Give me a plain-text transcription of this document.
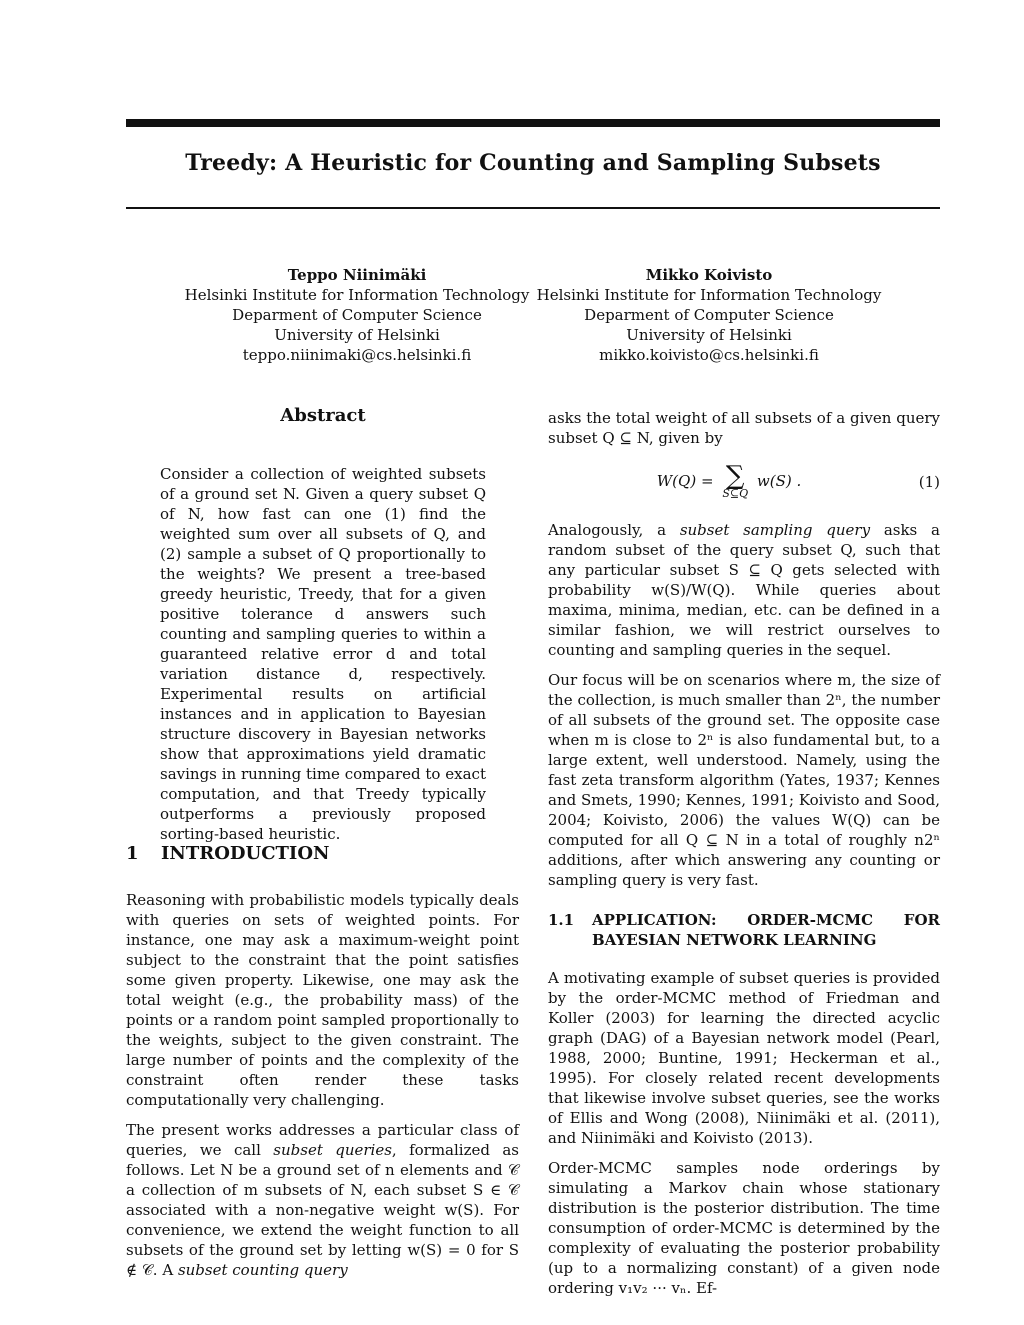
Treedy: A Heuristic for Counting and Sampling Subsets
Teppo Niinimäki
Helsinki Institute for Information Technology
Deparment of Computer Science
University of Helsinki
teppo.niinimaki@cs.helsinki.fi
Mikko Koivisto
Helsinki Institute for Information Technology
Deparment of Computer Science
University of Helsinki
mikko.koivisto@cs.helsinki.fi
Abstract

Consider a collection of weighted subsets of a ground set N. Given a query subset Q of N, how fast can one (1) find the weighted sum over all subsets of Q, and (2) sample a subset of Q proportionally to the weights? We present a tree-based greedy heuristic, Treedy, that for a given positive tolerance d answers such counting and sampling queries to within a guaranteed relative error d and total variation distance d, respectively. Experimental results on artificial instances and in application to Bayesian structure discovery in Bayesian networks show that approximations yield dramatic savings in running time compared to exact computation, and that Treedy typically outperforms a previously proposed sorting-based heuristic.

1 INTRODUCTION

Reasoning with probabilistic models typically deals with queries on sets of weighted points. For instance, one may ask a maximum-weight point subject to the constraint that the point satisfies some given property. Likewise, one may ask the total weight (e.g., the probability mass) of the points or a random point sampled proportionally to the weights, subject to the given constraint. The large number of points and the complexity of the constraint often render these tasks computationally very challenging.

The present works addresses a particular class of queries, we call subset queries, formalized as follows. Let N be a ground set of n elements and 𝒞 a collection of m subsets of N, each subset S ∈ 𝒞 associated with a non-negative weight w(S). For convenience, we extend the weight function to all subsets of the ground set by letting w(S) = 0 for S ∉ 𝒞. A subset counting query

asks the total weight of all subsets of a given query subset Q ⊆ N, given by

W(Q) = ∑
S⊆Q
w(S) .	(1)

Analogously, a subset sampling query asks a random subset of the query subset Q, such that any particular subset S ⊆ Q gets selected with probability w(S)/W(Q). While queries about maxima, minima, median, etc. can be defined in a similar fashion, we will restrict ourselves to counting and sampling queries in the sequel.

Our focus will be on scenarios where m, the size of the collection, is much smaller than 2ⁿ, the number of all subsets of the ground set. The opposite case when m is close to 2ⁿ is also fundamental but, to a large extent, well understood. Namely, using the fast zeta transform algorithm (Yates, 1937; Kennes and Smets, 1990; Kennes, 1991; Koivisto and Sood, 2004; Koivisto, 2006) the values W(Q) can be computed for all Q ⊆ N in a total of roughly n2ⁿ additions, after which answering any counting or sampling query is very fast.

1.1	APPLICATION: ORDER-MCMC FOR BAYESIAN NETWORK LEARNING

A motivating example of subset queries is provided by the order-MCMC method of Friedman and Koller (2003) for learning the directed acyclic graph (DAG) of a Bayesian network model (Pearl, 1988, 2000; Buntine, 1991; Heckerman et al., 1995). For closely related recent developments that likewise involve subset queries, see the works of Ellis and Wong (2008), Niinimäki et al. (2011), and Niinimäki and Koivisto (2013).

Order-MCMC samples node orderings by simulating a Markov chain whose stationary distribution is the posterior distribution. The time consumption of order-MCMC is determined by the complexity of evaluating the posterior probability (up to a normalizing constant) of a given node ordering v₁v₂ ··· vₙ. Ef-
